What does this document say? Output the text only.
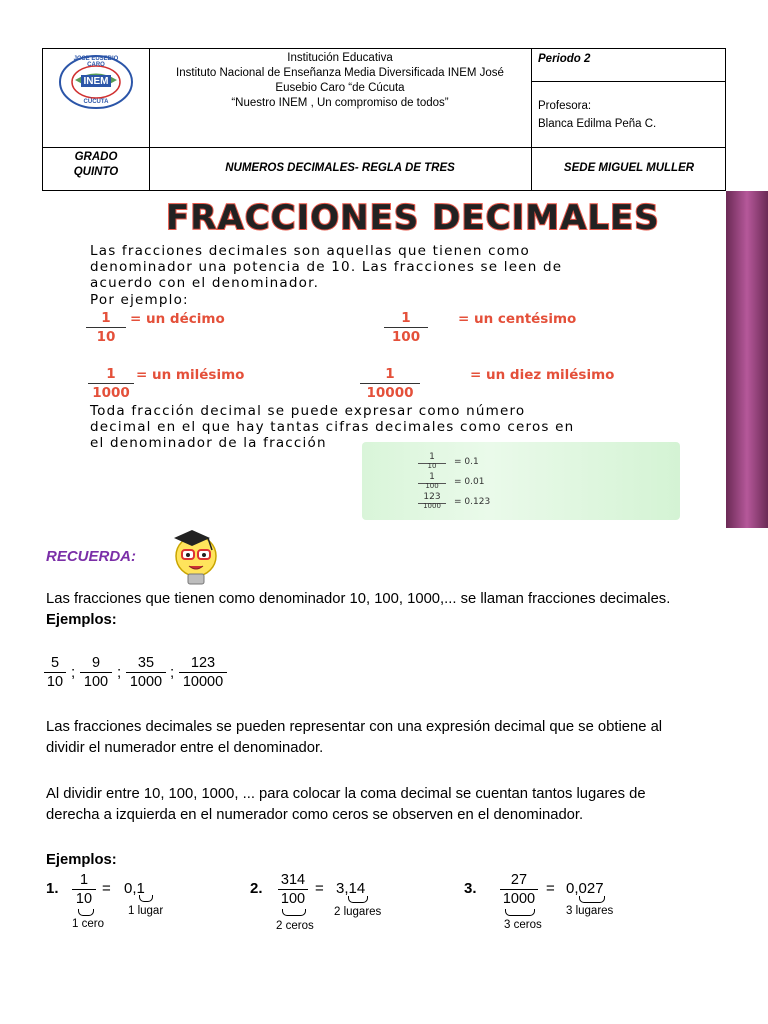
INEM
JOSE EUSEBIO CARO
CÚCUTA
Institución Educativa
Instituto Nacional de Enseñanza Media Diversificada INEM José
Eusebio Caro “de Cúcuta
“Nuestro INEM , Un compromiso de todos”
Periodo 2
Profesora:
Blanca Edilma Peña C.
GRADO
QUINTO	NUMEROS DECIMALES- REGLA DE TRES	SEDE MIGUEL MULLER
FRACCIONES DECIMALES
Las fracciones decimales son aquellas que tienen como
denominador una potencia de 10. Las fracciones se leen de
acuerdo con el denominador.
Por ejemplo:
1
10
= un décimo	1
100
= un centésimo
1
1000
= un milésimo	1
10000
= un diez milésimo
Toda fracción decimal se puede expresar como número
decimal en el que hay tantas cifras decimales como ceros en
el denominador de la fracción
1
10	= 0.1
1
100	= 0.01
123
1000	= 0.123
RECUERDA:
Las fracciones que tienen como denominador 10, 100, 1000,... se llaman fracciones decimales.
Ejemplos:
5
10
;
9
100
;
35
1000
;
123
10000
Las fracciones decimales se pueden representar con una expresión decimal que se obtiene al
dividir el numerador entre el denominador.
Al dividir entre 10, 100, 1000, ... para colocar la coma decimal se cuentan tantos lugares de
derecha a izquierda en el numerador como ceros se observen en el denominador.
Ejemplos:
1.	1
10
= 0,1
1 cero
1 lugar
2. 314
100
= 3,14
2 ceros
2 lugares
3.	27
1000
= 0,027
3 ceros
3 lugares
